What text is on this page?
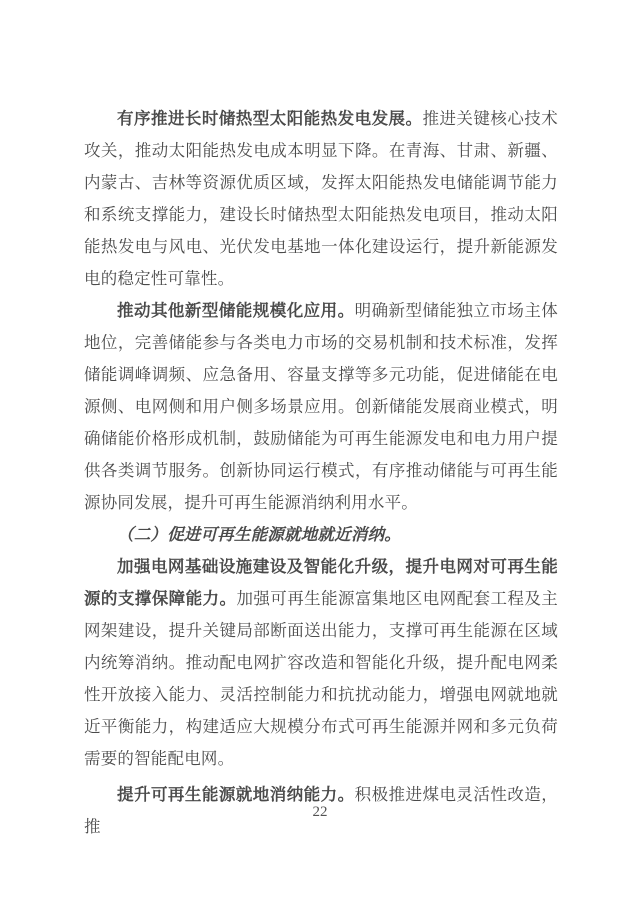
有序推进长时储热型太阳能热发电发展。推进关键核心技术攻关，推动太阳能热发电成本明显下降。在青海、甘肃、新疆、内蒙古、吉林等资源优质区域，发挥太阳能热发电储能调节能力和系统支撑能力，建设长时储热型太阳能热发电项目，推动太阳能热发电与风电、光伏发电基地一体化建设运行，提升新能源发电的稳定性可靠性。

推动其他新型储能规模化应用。明确新型储能独立市场主体地位，完善储能参与各类电力市场的交易机制和技术标准，发挥储能调峰调频、应急备用、容量支撑等多元功能，促进储能在电源侧、电网侧和用户侧多场景应用。创新储能发展商业模式，明确储能价格形成机制，鼓励储能为可再生能源发电和电力用户提供各类调节服务。创新协同运行模式，有序推动储能与可再生能源协同发展，提升可再生能源消纳利用水平。

（二）促进可再生能源就地就近消纳。

加强电网基础设施建设及智能化升级，提升电网对可再生能源的支撑保障能力。加强可再生能源富集地区电网配套工程及主网架建设，提升关键局部断面送出能力，支撑可再生能源在区域内统筹消纳。推动配电网扩容改造和智能化升级，提升配电网柔性开放接入能力、灵活控制能力和抗扰动能力，增强电网就地就近平衡能力，构建适应大规模分布式可再生能源并网和多元负荷需要的智能配电网。

提升可再生能源就地消纳能力。积极推进煤电灵活性改造，推

22
